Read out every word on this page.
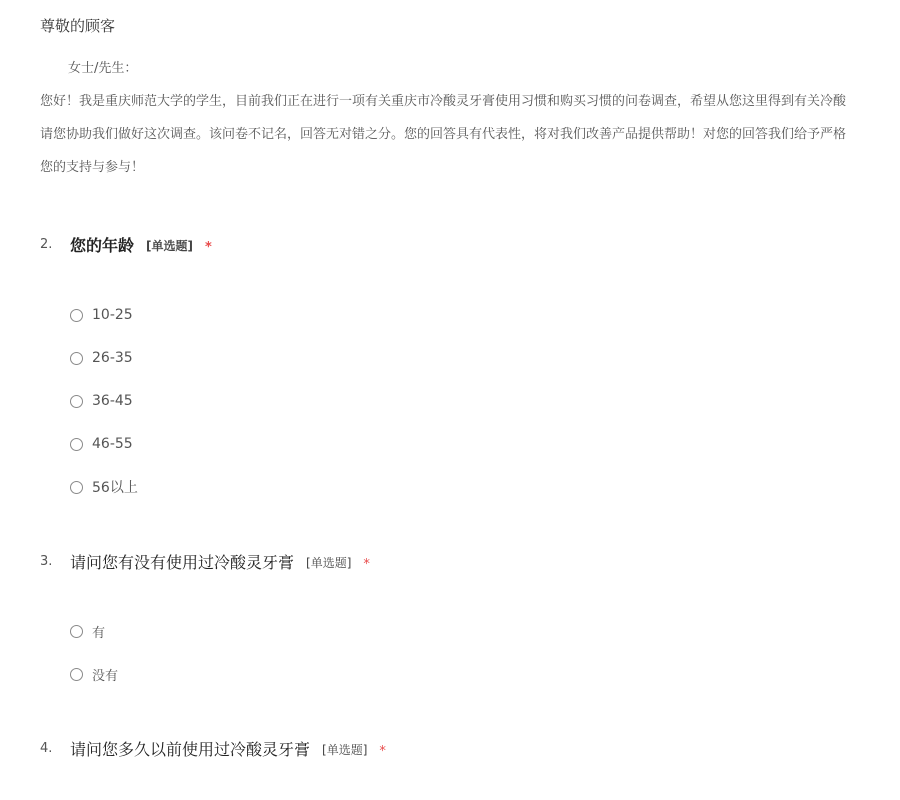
尊敬的顾客
女士/先生：
您好！我是重庆师范大学的学生，目前我们正在进行一项有关重庆市冷酸灵牙膏使用习惯和购买习惯的问卷调查，希望从您这里得到有关冷酸
请您协助我们做好这次调查。该问卷不记名，回答无对错之分。您的回答具有代表性，将对我们改善产品提供帮助！对您的回答我们给予严格
您的支持与参与！
2. 您的年龄 [单选题] *
10-25
26-35
36-45
46-55
56以上
3. 请问您有没有使用过冷酸灵牙膏 [单选题] *
有
没有
4. 请问您多久以前使用过冷酸灵牙膏 [单选题] *
